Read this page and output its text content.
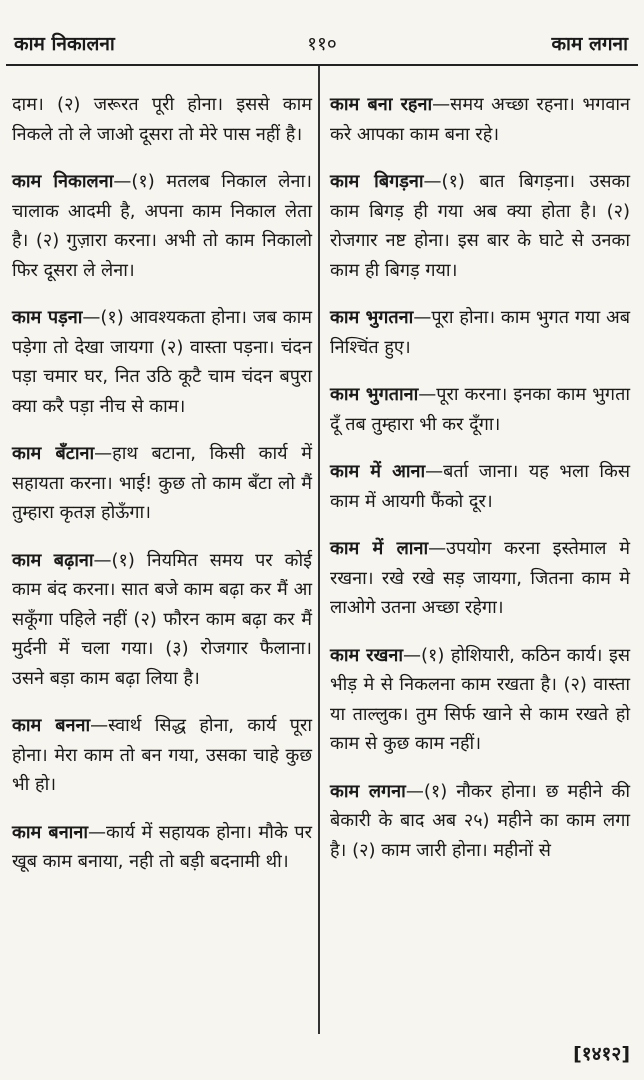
काम निकालना	११०	काम लगना

दाम। (२) जरूरत पूरी होना। इससे काम निकले तो ले जाओ दूसरा तो मेरे पास नहीं है।

काम निकालना—(१) मतलब निकाल लेना। चालाक आदमी है, अपना काम निकाल लेता है। (२) गुज़ारा करना। अभी तो काम निकालो फिर दूसरा ले लेना।

काम पड़ना—(१) आवश्यकता होना। जब काम पड़ेगा तो देखा जायगा (२) वास्ता पड़ना। चंदन पड़ा चमार घर, नित उठि कूटै चाम चंदन बपुरा क्या करै पड़ा नीच से काम।

काम बँटाना—हाथ बटाना, किसी कार्य में सहायता करना। भाई! कुछ तो काम बँटा लो मैं तुम्हारा कृतज्ञ होऊँगा।

काम बढ़ाना—(१) नियमित समय पर कोई काम बंद करना। सात बजे काम बढ़ा कर मैं आ सकूँगा पहिले नहीं (२) फौरन काम बढ़ा कर मैं मुर्दनी में चला गया। (३) रोजगार फैलाना। उसने बड़ा काम बढ़ा लिया है।

काम बनना—स्वार्थ सिद्ध होना, कार्य पूरा होना। मेरा काम तो बन गया, उसका चाहे कुछ भी हो।

काम बनाना—कार्य में सहायक होना। मौके पर खूब काम बनाया, नही तो बड़ी बदनामी थी।

काम बना रहना—समय अच्छा रहना। भगवान करे आपका काम बना रहे।

काम बिगड़ना—(१) बात बिगड़ना। उसका काम बिगड़ ही गया अब क्या होता है। (२) रोजगार नष्ट होना। इस बार के घाटे से उनका काम ही बिगड़ गया।

काम भुगतना—पूरा होना। काम भुगत गया अब निश्चिंत हुए।

काम भुगताना—पूरा करना। इनका काम भुगता दूँ तब तुम्हारा भी कर दूँगा।

काम में आना—बर्ता जाना। यह भला किस काम में आयगी फैंको दूर।

काम में लाना—उपयोग करना इस्तेमाल मे रखना। रखे रखे सड़ जायगा, जितना काम मे लाओगे उतना अच्छा रहेगा।

काम रखना—(१) होशियारी, कठिन कार्य। इस भीड़ मे से निकलना काम रखता है। (२) वास्ता या ताल्लुक। तुम सिर्फ खाने से काम रखते हो काम से कुछ काम नहीं।

काम लगना—(१) नौकर होना। छ महीने की बेकारी के बाद अब २५) महीने का काम लगा है। (२) काम जारी होना। महीनों से

[१४१२]
